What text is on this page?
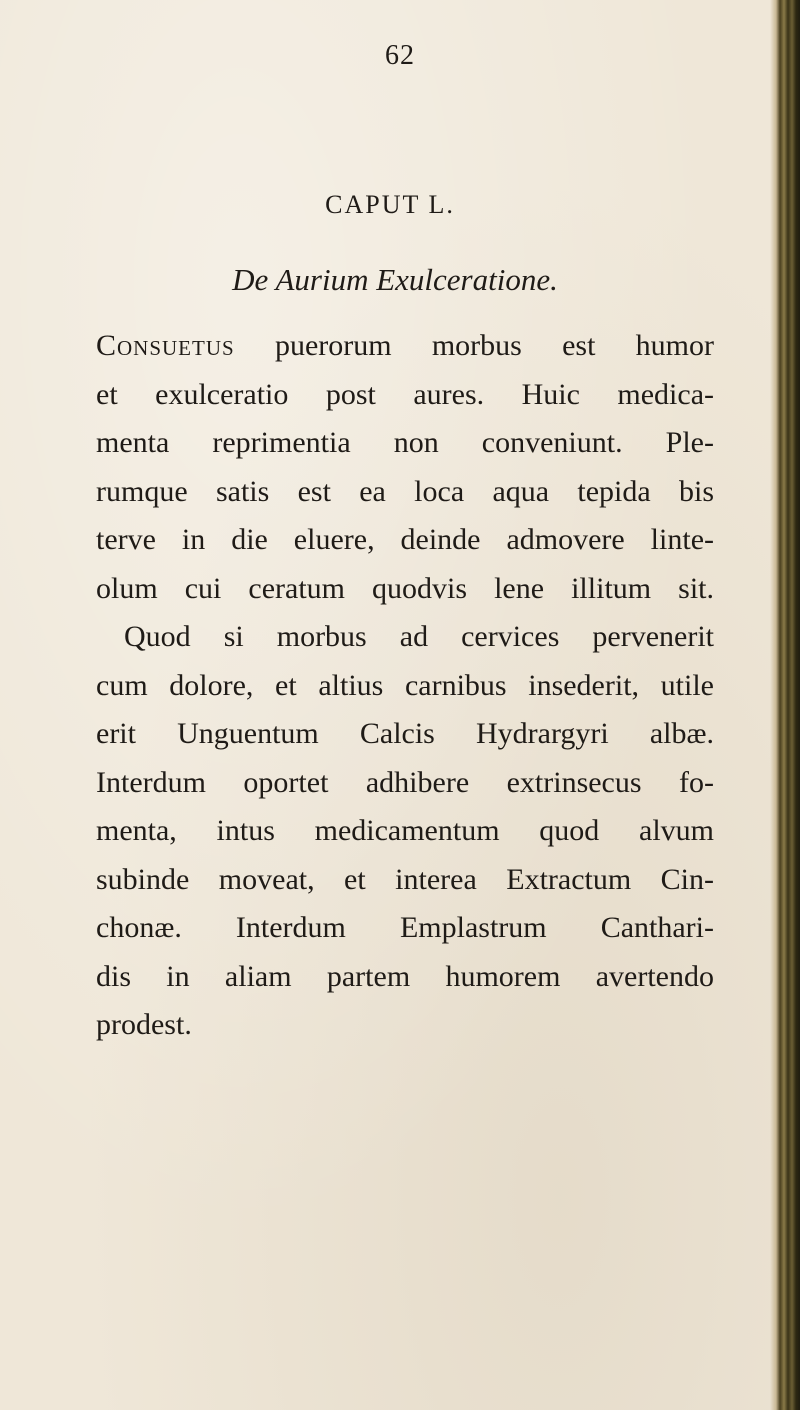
62
CAPUT L.
De Aurium Exulceratione.
Consuetus puerorum morbus est humor
et exulceratio post aures. Huic medica-
menta reprimentia non conveniunt. Ple-
rumque satis est ea loca aqua tepida bis
terve in die eluere, deinde admovere linte-
olum cui ceratum quodvis lene illitum sit.
Quod si morbus ad cervices pervenerit
cum dolore, et altius carnibus insederit, utile
erit Unguentum Calcis Hydrargyri albæ.
Interdum oportet adhibere extrinsecus fo-
menta, intus medicamentum quod alvum
subinde moveat, et interea Extractum Cin-
chonæ. Interdum Emplastrum Canthari-
dis in aliam partem humorem avertendo
prodest.
